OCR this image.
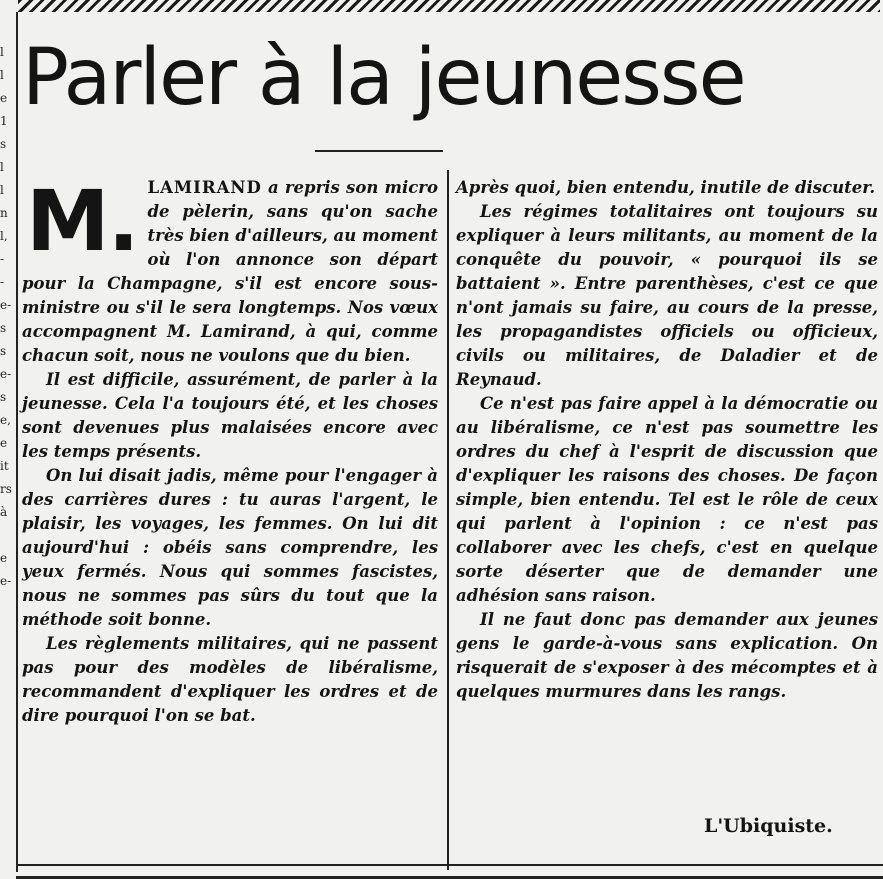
l
l
e
1
s
l
l
n
l,
-
-
e-
s
s
e-
s
e,
e
it
rs
à
e
e-
Parler à la jeunesse

M. LAMIRAND a repris son micro de pèlerin, sans qu'on sache très bien d'ailleurs, au moment où l'on annonce son départ pour la Champagne, s'il est encore sous-ministre ou s'il le sera longtemps. Nos vœux accompagnent M. Lamirand, à qui, comme chacun soit, nous ne voulons que du bien.

Il est difficile, assurément, de parler à la jeunesse. Cela l'a toujours été, et les choses sont devenues plus malaisées encore avec les temps présents.

On lui disait jadis, même pour l'engager à des carrières dures : tu auras l'argent, le plaisir, les voyages, les femmes. On lui dit aujourd'hui : obéis sans comprendre, les yeux fermés. Nous qui sommes fascistes, nous ne sommes pas sûrs du tout que la méthode soit bonne.

Les règlements militaires, qui ne passent pas pour des modèles de libéralisme, recommandent d'expliquer les ordres et de dire pourquoi l'on se bat.

Après quoi, bien entendu, inutile de discuter.

Les régimes totalitaires ont toujours su expliquer à leurs militants, au moment de la conquête du pouvoir, « pourquoi ils se battaient ». Entre parenthèses, c'est ce que n'ont jamais su faire, au cours de la presse, les propagandistes officiels ou officieux, civils ou militaires, de Daladier et de Reynaud.

Ce n'est pas faire appel à la démocratie ou au libéralisme, ce n'est pas soumettre les ordres du chef à l'esprit de discussion que d'expliquer les raisons des choses. De façon simple, bien entendu. Tel est le rôle de ceux qui parlent à l'opinion : ce n'est pas collaborer avec les chefs, c'est en quelque sorte déserter que de demander une adhésion sans raison.

Il ne faut donc pas demander aux jeunes gens le garde-à-vous sans explication. On risquerait de s'exposer à des mécomptes et à quelques murmures dans les rangs.

L'Ubiquiste.
